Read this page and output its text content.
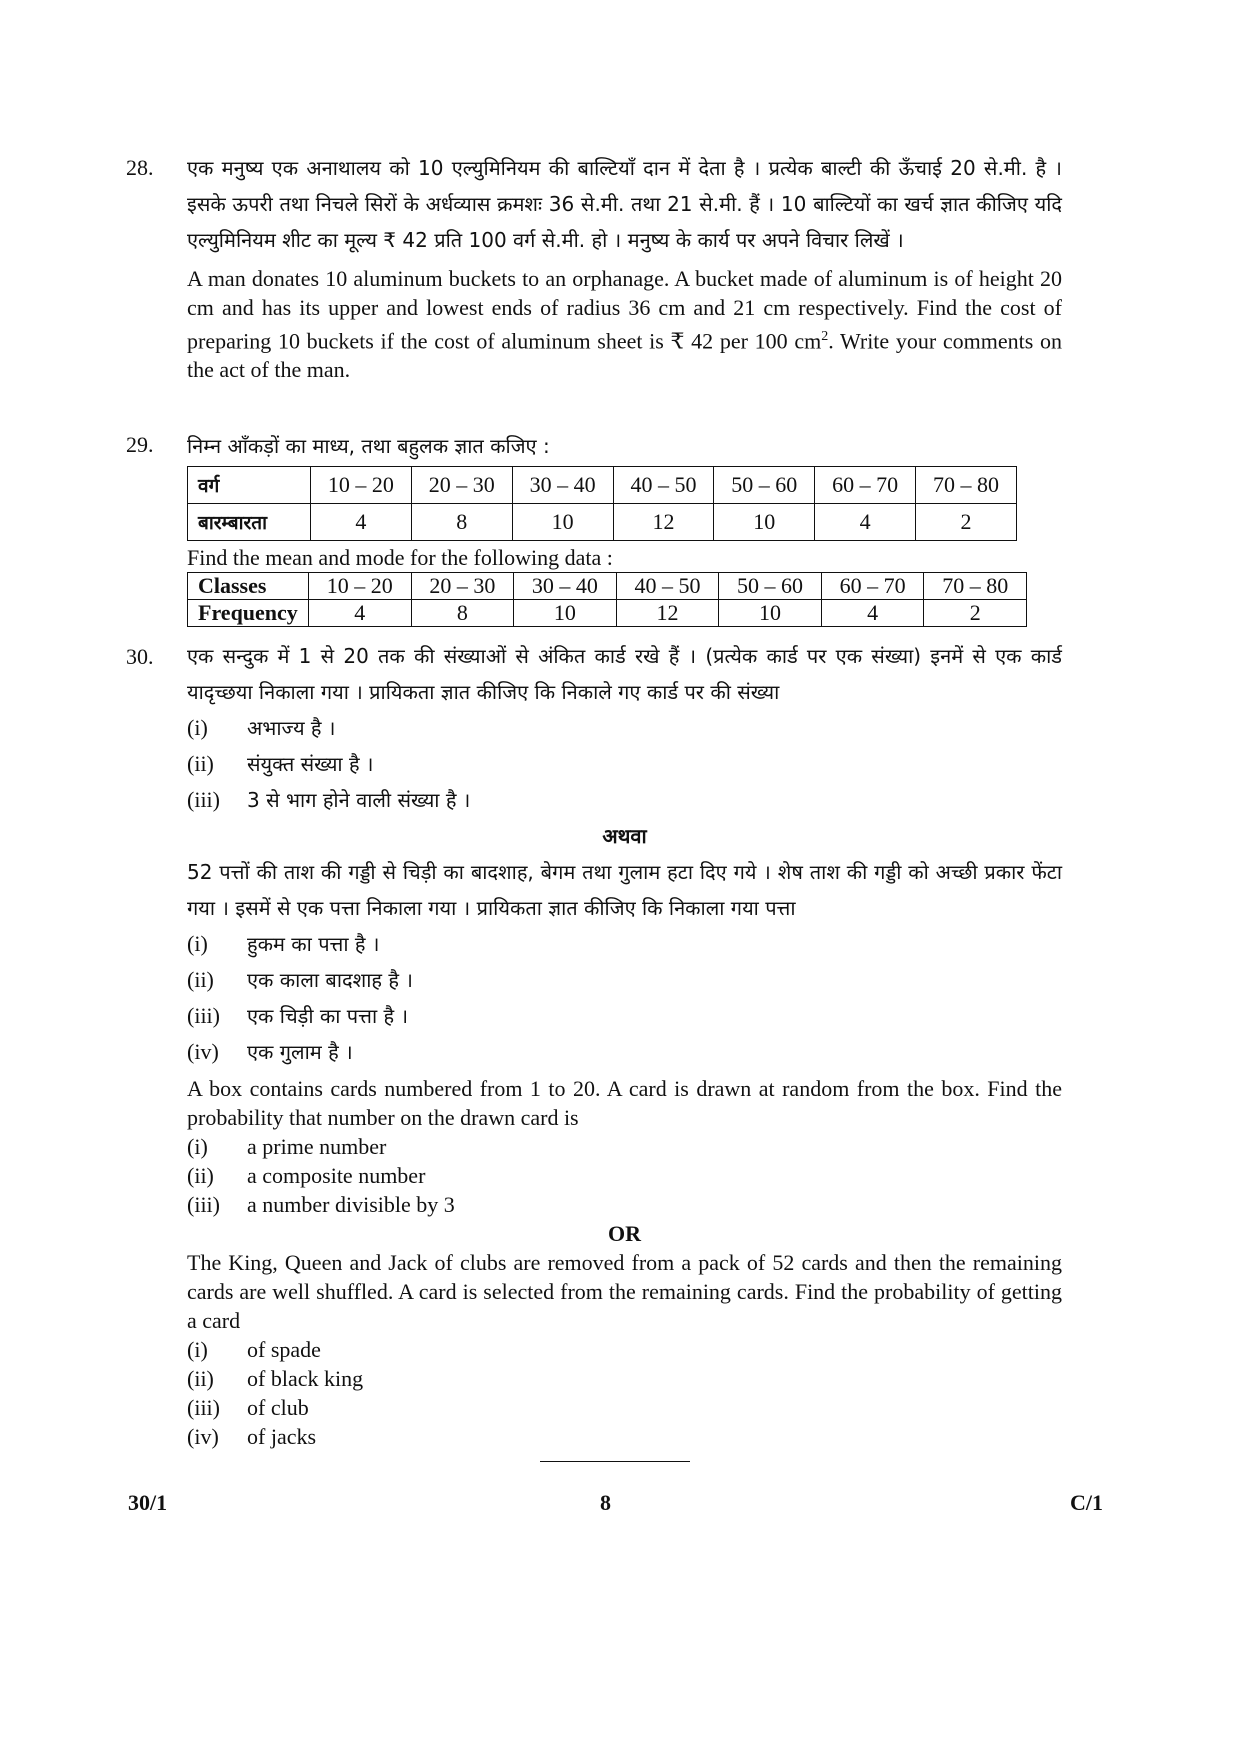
28.	एक मनुष्य एक अनाथालय को 10 एल्युमिनियम की बाल्टियाँ दान में देता है । प्रत्येक बाल्टी की ऊँचाई 20 से.मी. है । इसके ऊपरी तथा निचले सिरों के अर्धव्यास क्रमशः 36 से.मी. तथा 21 से.मी. हैं । 10 बाल्टियों का खर्च ज्ञात कीजिए यदि एल्युमिनियम शीट का मूल्य ₹ 42 प्रति 100 वर्ग से.मी. हो । मनुष्य के कार्य पर अपने विचार लिखें ।
A man donates 10 aluminum buckets to an orphanage. A bucket made of aluminum is of height 20 cm and has its upper and lowest ends of radius 36 cm and 21 cm respectively. Find the cost of preparing 10 buckets if the cost of aluminum sheet is ₹ 42 per 100 $cm^2$. Write your comments on the act of the man.
29.	निम्न आँकड़ों का माध्य, तथा बहुलक ज्ञात कजिए :
वर्ग	10 – 20	20 – 30	30 – 40	40 – 50	50 – 60	60 – 70	70 – 80
बारम्बारता	4	8	10	12	10	4	2
Find the mean and mode for the following data :
Classes	10 – 20	20 – 30	30 – 40	40 – 50	50 – 60	60 – 70	70 – 80
Frequency	4	8	10	12	10	4	2
30.	एक सन्दुक में 1 से 20 तक की संख्याओं से अंकित कार्ड रखे हैं । (प्रत्येक कार्ड पर एक संख्या) इनमें से एक कार्ड यादृच्छया निकाला गया । प्रायिकता ज्ञात कीजिए कि निकाले गए कार्ड पर की संख्या
(i)	अभाज्य है ।
(ii)	संयुक्त संख्या है ।
(iii)	3 से भाग होने वाली संख्या है ।
अथवा
52 पत्तों की ताश की गड्डी से चिड़ी का बादशाह, बेगम तथा गुलाम हटा दिए गये । शेष ताश की गड्डी को अच्छी प्रकार फेंटा गया । इसमें से एक पत्ता निकाला गया । प्रायिकता ज्ञात कीजिए कि निकाला गया पत्ता
(i)	हुकम का पत्ता है ।
(ii)	एक काला बादशाह है ।
(iii)	एक चिड़ी का पत्ता है ।
(iv)	एक गुलाम है ।
A box contains cards numbered from 1 to 20. A card is drawn at random from the box. Find the probability that number on the drawn card is
(i)	a prime number
(ii)	a composite number
(iii)	a number divisible by 3
OR
The King, Queen and Jack of clubs are removed from a pack of 52 cards and then the remaining cards are well shuffled. A card is selected from the remaining cards. Find the probability of getting a card
(i)	of spade
(ii)	of black king
(iii)	of club
(iv)	of jacks
30/1	8	C/1
